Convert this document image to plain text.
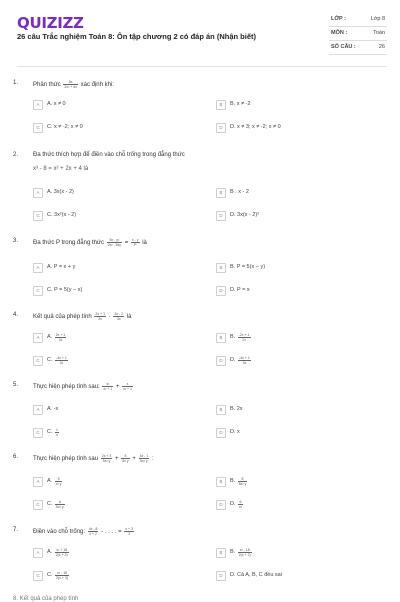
QUIZIZZ
26 câu Trắc nghiệm Toán 8: Ôn tập chương 2 có đáp án (Nhận biết)
LỚP :	Lớp 8
MÔN :	Toán
SỐ CÂU :	26
1. Phân thức $\frac{5x}{\text{2x² + 4x}}$ xác định khi:
A A. x ≠ 0	B B. x ≠ -2
C C. x ≠ -2; x ≠ 0	D D. x ≠ 3; x ≠ -2; x ≠ 0
2. Đa thức thích hợp để điền vào chỗ trống trong đẳng thức
x³ - 8 = x² + 2x + 4 là
A A. 3x(x - 2)	B B . x - 2
C C. 3x²(x - 2)	D D. 3x(x - 2)²
3. Đa thức P trong đẳng thức $\frac{\text{5x - y²}}{\text{2x² - 5xy}} = \frac{x - y}{P}$ là
A A. P = x + y	B B. P = 5(x − y)
C C. P = 5(y − x)	D D. P = x
4. Kết quả của phép tính $\frac{2x + 1}{2x} \cdot \frac{3x - 2}{3x}$ là
A A. $\frac{2x + 1}{2x}$	B B. $\frac{-2x + 1}{2x}$
C C. $\frac{-4x + 1}{2x}$	D D. $\frac{-4x + 1}{3x}$
5. Thực hiện phép tính sau: $\frac{\text{x²}}{\text{x² + 1}} + \frac{x}{\text{x² + 1}}$
A A. -x	B B. 2x
C C. $\frac{1}{x}$	D D. x
6. Thực hiện phép tính sau $\frac{2x + 3}{\text{5x² y}} + \frac{8}{\text{5x y}} + \frac{3x - 1}{\text{5x² y}}$ :
A A. $\frac{5}{\text{x² y}}$	B B. $\frac{8}{\text{5x² y}}$
C C. $\frac{6}{\text{5x² y}}$	D D. $\frac{6}{\text{x²}}$
7. Điền vào chỗ trống: $\frac{4x - 8}{x + 2}$ - . . . . = $\frac{x + 3}{2}$
A A. $\frac{\text{x² + 18}}{2(x + 2)}$	B B. $\frac{\text{x² - 18}}{2(x + 2)}$
C C. $\frac{\text{x² - 18}}{2(x + 3)}$	D D. Cả A, B, C đều sai
8. Kết quả của phép tính
